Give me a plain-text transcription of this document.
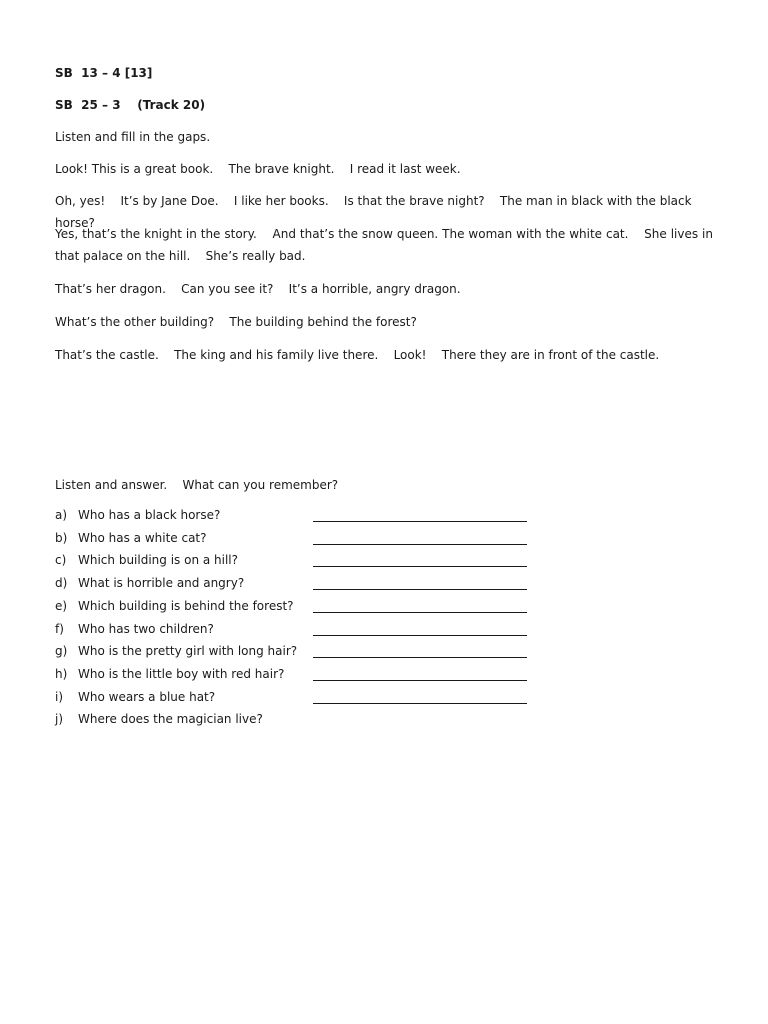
SB  13 – 4 [13]
SB  25 – 3    (Track 20)
Listen and fill in the gaps.
Look! This is a great book.    The brave knight.    I read it last week.
Oh, yes!    It’s by Jane Doe.    I like her books.    Is that the brave night?    The man in black with the black horse?
Yes, that’s the knight in the story.    And that’s the snow queen. The woman with the white cat.    She lives in that palace on the hill.    She’s really bad.
That’s her dragon.    Can you see it?    It’s a horrible, angry dragon.
What’s the other building?    The building behind the forest?
That’s the castle.    The king and his family live there.    Look!    There they are in front of the castle.
Listen and answer.    What can you remember?
a) Who has a black horse?
b) Who has a white cat?
c) Which building is on a hill?
d) What is horrible and angry?
e) Which building is behind the forest?
f) Who has two children?
g) Who is the pretty girl with long hair?
h) Who is the little boy with red hair?
i) Who wears a blue hat?
j) Where does the magician live?
